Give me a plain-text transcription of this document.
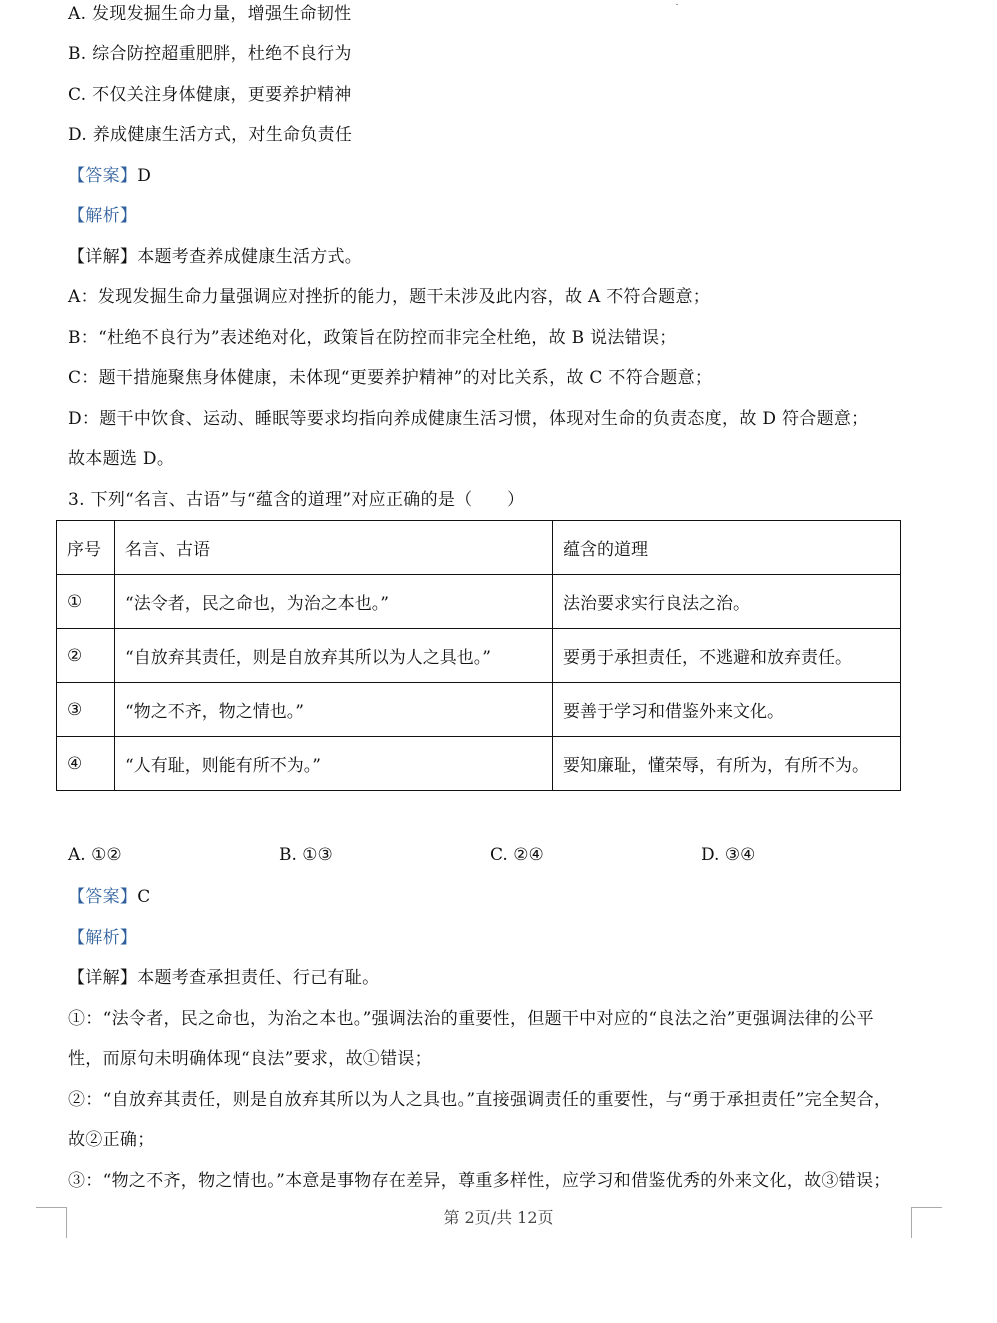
A. 发现发掘生命力量，增强生命韧性
B. 综合防控超重肥胖，杜绝不良行为
C. 不仅关注身体健康，更要养护精神
D. 养成健康生活方式，对生命负责任
【答案】D
【解析】
【详解】本题考查养成健康生活方式。
A：发现发掘生命力量强调应对挫折的能力，题干未涉及此内容，故 A 不符合题意；
B：“杜绝不良行为”表述绝对化，政策旨在防控而非完全杜绝，故 B 说法错误；
C：题干措施聚焦身体健康，未体现“更要养护精神”的对比关系，故 C 不符合题意；
D：题干中饮食、运动、睡眠等要求均指向养成健康生活习惯，体现对生命的负责态度，故 D 符合题意；
故本题选 D。
3. 下列“名言、古语”与“蕴含的道理”对应正确的是（　　）
序号	名言、古语	蕴含的道理
①	“法令者，民之命也，为治之本也。”	法治要求实行良法之治。
②	“自放弃其责任，则是自放弃其所以为人之具也。”	要勇于承担责任，不逃避和放弃责任。
③	“物之不齐，物之情也。”	要善于学习和借鉴外来文化。
④	“人有耻，则能有所不为。”	要知廉耻，懂荣辱，有所为，有所不为。
A. ①②	B. ①③	C. ②④	D. ③④
【答案】C
【解析】
【详解】本题考查承担责任、行己有耻。
①：“法令者，民之命也，为治之本也。”强调法治的重要性，但题干中对应的“良法之治”更强调法律的公平
性，而原句未明确体现“良法”要求，故①错误；
②：“自放弃其责任，则是自放弃其所以为人之具也。”直接强调责任的重要性，与“勇于承担责任”完全契合，
故②正确；
③：“物之不齐，物之情也。”本意是事物存在差异，尊重多样性，应学习和借鉴优秀的外来文化，故③错误；
第 2页/共 12页
